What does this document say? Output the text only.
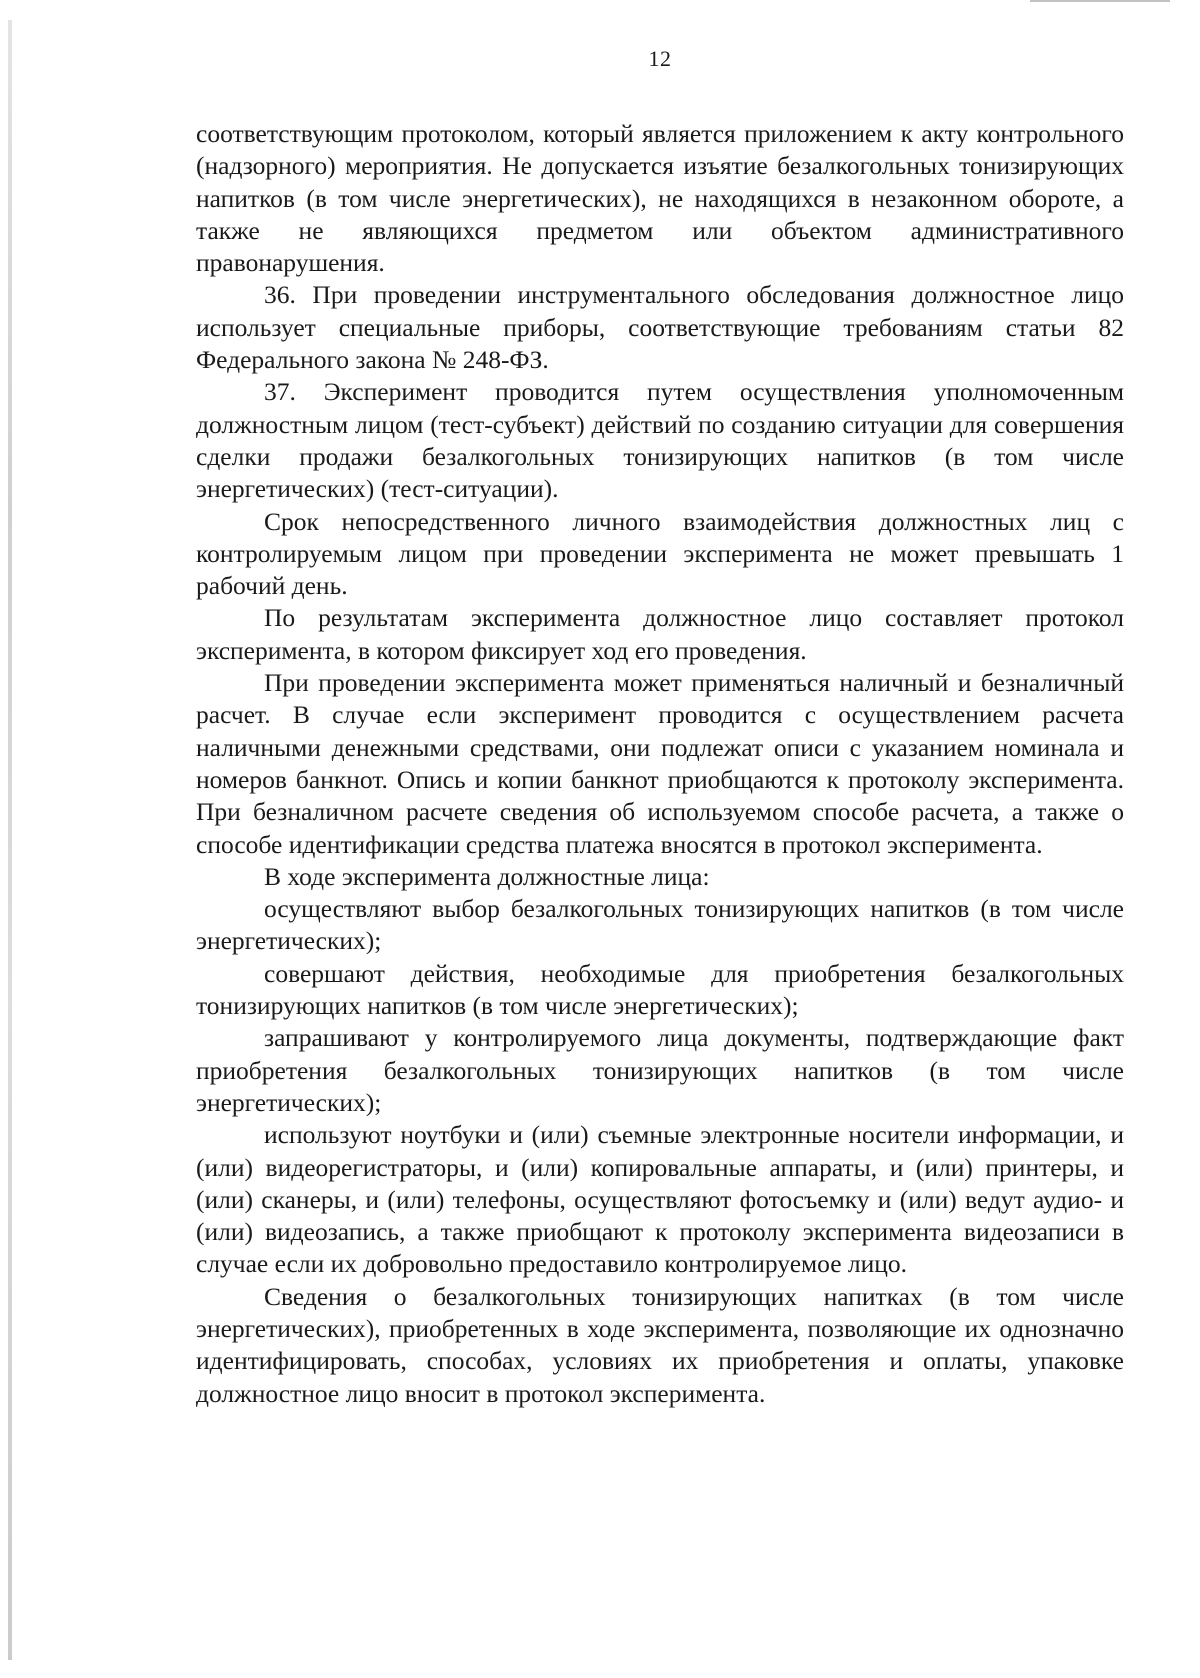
12

соответствующим протоколом, который является приложением к акту контрольного (надзорного) мероприятия. Не допускается изъятие безалкогольных тонизирующих напитков (в том числе энергетических), не находящихся в незаконном обороте, а также не являющихся предметом или объектом административного правонарушения.

36. При проведении инструментального обследования должностное лицо использует специальные приборы, соответствующие требованиям статьи 82 Федерального закона № 248-ФЗ.

37. Эксперимент проводится путем осуществления уполномоченным должностным лицом (тест-субъект) действий по созданию ситуации для совершения сделки продажи безалкогольных тонизирующих напитков (в том числе энергетических) (тест-ситуации).

Срок непосредственного личного взаимодействия должностных лиц с контролируемым лицом при проведении эксперимента не может превышать 1 рабочий день.

По результатам эксперимента должностное лицо составляет протокол эксперимента, в котором фиксирует ход его проведения.

При проведении эксперимента может применяться наличный и безналичный расчет. В случае если эксперимент проводится с осуществлением расчета наличными денежными средствами, они подлежат описи с указанием номинала и номеров банкнот. Опись и копии банкнот приобщаются к протоколу эксперимента. При безналичном расчете сведения об используемом способе расчета, а также о способе идентификации средства платежа вносятся в протокол эксперимента.

В ходе эксперимента должностные лица:

осуществляют выбор безалкогольных тонизирующих напитков (в том числе энергетических);

совершают действия, необходимые для приобретения безалкогольных тонизирующих напитков (в том числе энергетических);

запрашивают у контролируемого лица документы, подтверждающие факт приобретения безалкогольных тонизирующих напитков (в том числе энергетических);

используют ноутбуки и (или) съемные электронные носители информации, и (или) видеорегистраторы, и (или) копировальные аппараты, и (или) принтеры, и (или) сканеры, и (или) телефоны, осуществляют фотосъемку и (или) ведут аудио- и (или) видеозапись, а также приобщают к протоколу эксперимента видеозаписи в случае если их добровольно предоставило контролируемое лицо.

Сведения о безалкогольных тонизирующих напитках (в том числе энергетических), приобретенных в ходе эксперимента, позволяющие их однозначно идентифицировать, способах, условиях их приобретения и оплаты, упаковке должностное лицо вносит в протокол эксперимента.
